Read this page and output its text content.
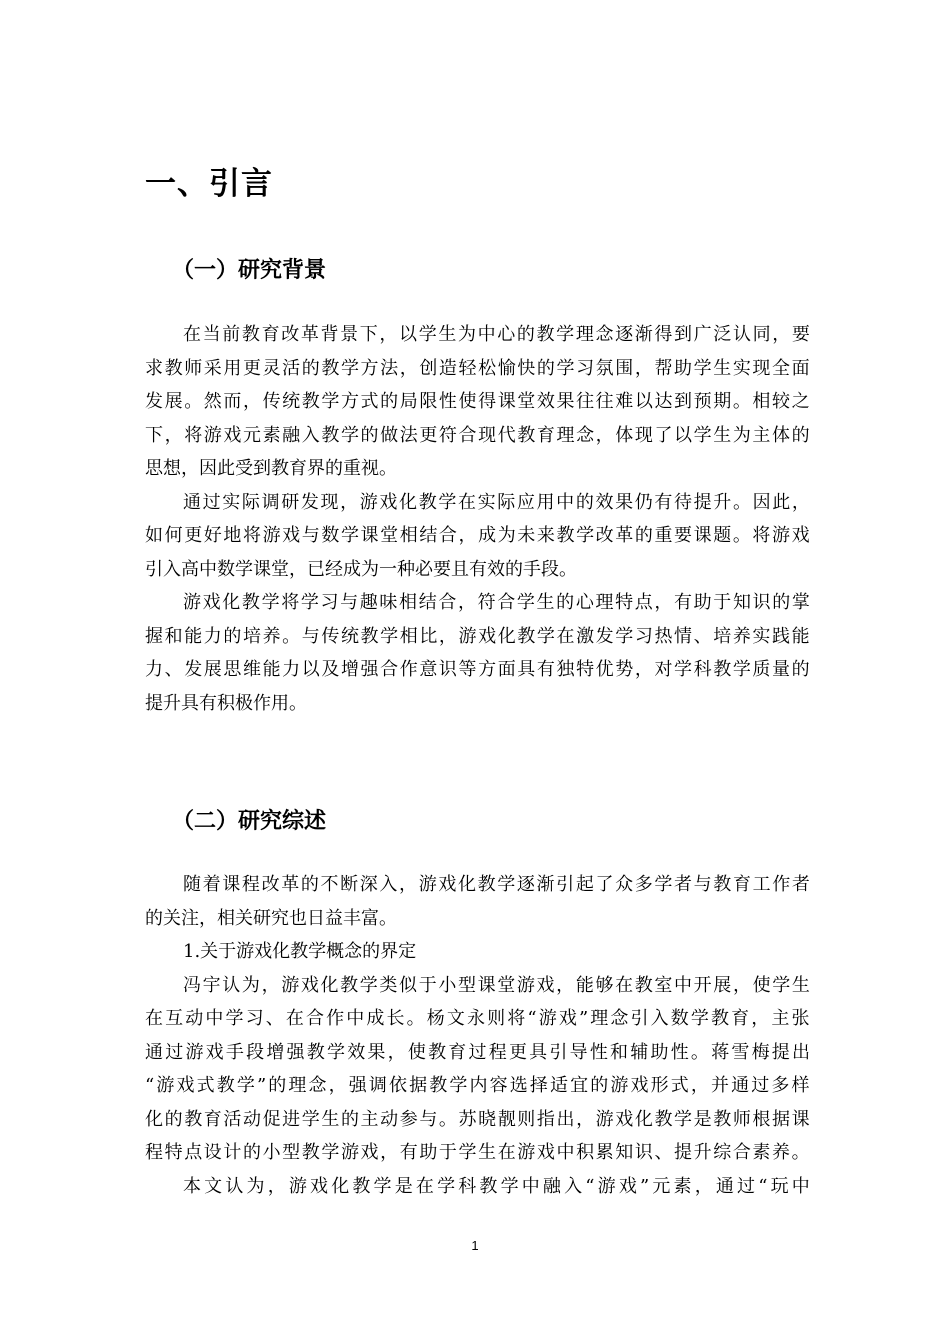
一、引言
（一）研究背景
在 当 前 教 育 改 革 背 景 下 ， 以 学 生 为 中 心 的 教 学 理 念 逐 渐 得 到 广 泛 认 同 ， 要
求 教 师 采 用 更 灵 活 的 教 学 方 法 ， 创 造 轻 松 愉 快 的 学 习 氛 围 ， 帮 助 学 生 实 现 全 面
发 展 。 然 而 ， 传 统 教 学 方 式 的 局 限 性 使 得 课 堂 效 果 往 往 难 以 达 到 预 期 。 相 较 之
下 ， 将 游 戏 元 素 融 入 教 学 的 做 法 更 符 合 现 代 教 育 理 念 ， 体 现 了 以 学 生 为 主 体 的
思想，因此受到教育界的重视。
通 过 实 际 调 研 发 现 ， 游 戏 化 教 学 在 实 际 应 用 中 的 效 果 仍 有 待 提 升 。 因 此 ，
如 何 更 好 地 将 游 戏 与 数 学 课 堂 相 结 合 ， 成 为 未 来 教 学 改 革 的 重 要 课 题 。 将 游 戏
引入高中数学课堂，已经成为一种必要且有效的手段。
游 戏 化 教 学 将 学 习 与 趣 味 相 结 合 ， 符 合 学 生 的 心 理 特 点 ， 有 助 于 知 识 的 掌
握 和 能 力 的 培 养 。 与 传 统 教 学 相 比 ， 游 戏 化 教 学 在 激 发 学 习 热 情 、 培 养 实 践 能
力 、 发 展 思 维 能 力 以 及 增 强 合 作 意 识 等 方 面 具 有 独 特 优 势 ， 对 学 科 教 学 质 量 的
提升具有积极作用。
（二）研究综述
随 着 课 程 改 革 的 不 断 深 入 ， 游 戏 化 教 学 逐 渐 引 起 了 众 多 学 者 与 教 育 工 作 者
的关注，相关研究也日益丰富。
1.关于游戏化教学概念的界定
冯 宇 认 为 ， 游 戏 化 教 学 类 似 于 小 型 课 堂 游 戏 ， 能 够 在 教 室 中 开 展 ， 使 学 生
在 互 动 中 学 习 、 在 合 作 中 成 长 。 杨 文 永 则 将 “ 游 戏 ” 理 念 引 入 数 学 教 育 ， 主 张
通 过 游 戏 手 段 增 强 教 学 效 果 ， 使 教 育 过 程 更 具 引 导 性 和 辅 助 性 。 蒋 雪 梅 提 出
“ 游 戏 式 教 学 ” 的 理 念 ， 强 调 依 据 教 学 内 容 选 择 适 宜 的 游 戏 形 式 ， 并 通 过 多 样
化 的 教 育 活 动 促 进 学 生 的 主 动 参 与 。 苏 晓 靓 则 指 出 ， 游 戏 化 教 学 是 教 师 根 据 课
程 特 点 设 计 的 小 型 教 学 游 戏 ， 有 助 于 学 生 在 游 戏 中 积 累 知 识 、 提 升 综 合 素 养 。
本 文 认 为 ， 游 戏 化 教 学 是 在 学 科 教 学 中 融 入 “ 游 戏 ” 元 素 ， 通 过 “ 玩 中
1
